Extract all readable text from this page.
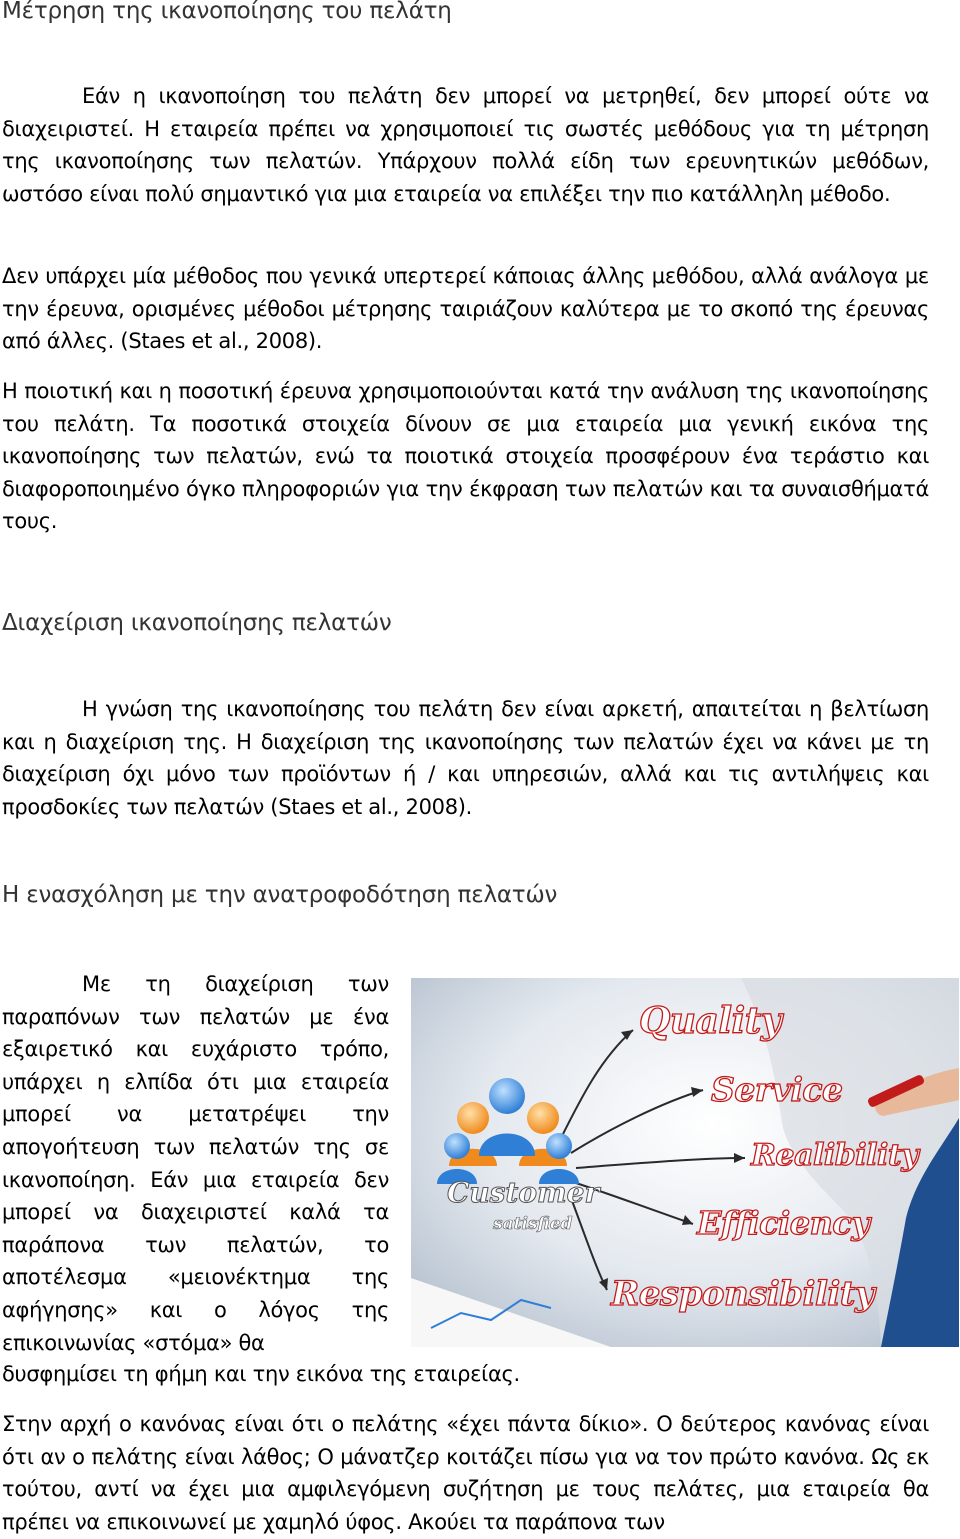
Μέτρηση της ικανοποίησης του πελάτη

Εάν η ικανοποίηση του πελάτη δεν μπορεί να μετρηθεί, δεν μπορεί ούτε να διαχειριστεί. Η εταιρεία πρέπει να χρησιμοποιεί τις σωστές μεθόδους για τη μέτρηση της ικανοποίησης των πελατών. Υπάρχουν πολλά είδη των ερευνητικών μεθόδων, ωστόσο είναι πολύ σημαντικό για μια εταιρεία να επιλέξει την πιο κατάλληλη μέθοδο.

Δεν υπάρχει μία μέθοδος που γενικά υπερτερεί κάποιας άλλης μεθόδου, αλλά ανάλογα με την έρευνα, ορισμένες μέθοδοι μέτρησης ταιριάζουν καλύτερα με το σκοπό της έρευνας από άλλες. (Staes et al., 2008).

Η ποιοτική και η ποσοτική έρευνα χρησιμοποιούνται κατά την ανάλυση της ικανοποίησης του πελάτη. Τα ποσοτικά στοιχεία δίνουν σε μια εταιρεία μια γενική εικόνα της ικανοποίησης των πελατών, ενώ τα ποιοτικά στοιχεία προσφέρουν ένα τεράστιο και διαφοροποιημένο όγκο πληροφοριών για την έκφραση των πελατών και τα συναισθήματά τους.

Διαχείριση ικανοποίησης πελατών

Η γνώση της ικανοποίησης του πελάτη δεν είναι αρκετή, απαιτείται η βελτίωση και η διαχείριση της. Η διαχείριση της ικανοποίησης των πελατών έχει να κάνει με τη διαχείριση όχι μόνο των προϊόντων ή / και υπηρεσιών, αλλά και τις αντιλήψεις και προσδοκίες των πελατών (Staes et al., 2008).

Η ενασχόληση με την ανατροφοδότηση πελατών

Με τη διαχείριση των παραπόνων των πελατών με ένα εξαιρετικό και ευχάριστο τρόπο, υπάρχει η ελπίδα ότι μια εταιρεία μπορεί να μετατρέψει την απογοήτευση των πελατών της σε ικανοποίηση. Εάν μια εταιρεία δεν μπορεί να διαχειριστεί καλά τα παράπονα των πελατών, το αποτέλεσμα «μειονέκτημα της αφήγησης» και ο λόγος της επικοινωνίας «στόμα» θα

δυσφημίσει τη φήμη και την εικόνα της εταιρείας.

Στην αρχή ο κανόνας είναι ότι ο πελάτης «έχει πάντα δίκιο». Ο δεύτερος κανόνας είναι ότι αν ο πελάτης είναι λάθος; Ο μάνατζερ κοιτάζει πίσω για να τον πρώτο κανόνα. Ως εκ τούτου, αντί να έχει μια αμφιλεγόμενη συζήτηση με τους πελάτες, μια εταιρεία θα πρέπει να επικοινωνεί με χαμηλό ύφος. Ακούει τα παράπονα των

Quality
Service
Realibility
Efficiency
Responsibility
Customer
satisfied
